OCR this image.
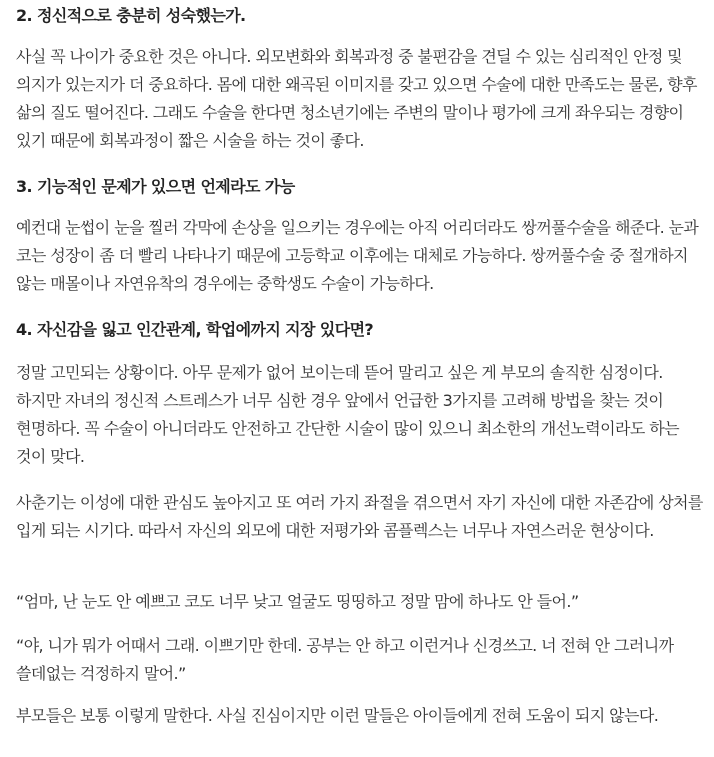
2. 정신적으로 충분히 성숙했는가.

사실 꼭 나이가 중요한 것은 아니다. 외모변화와 회복과정 중 불편감을 견딜 수 있는 심리적인 안정 및 의지가 있는지가 더 중요하다. 몸에 대한 왜곡된 이미지를 갖고 있으면 수술에 대한 만족도는 물론, 향후 삶의 질도 떨어진다. 그래도 수술을 한다면 청소년기에는 주변의 말이나 평가에 크게 좌우되는 경향이 있기 때문에 회복과정이 짧은 시술을 하는 것이 좋다.

3. 기능적인 문제가 있으면 언제라도 가능

예컨대 눈썹이 눈을 찔러 각막에 손상을 일으키는 경우에는 아직 어리더라도 쌍꺼풀수술을 해준다. 눈과 코는 성장이 좀 더 빨리 나타나기 때문에 고등학교 이후에는 대체로 가능하다. 쌍꺼풀수술 중 절개하지 않는 매몰이나 자연유착의 경우에는 중학생도 수술이 가능하다.

4. 자신감을 잃고 인간관계, 학업에까지 지장 있다면?

정말 고민되는 상황이다. 아무 문제가 없어 보이는데 뜯어 말리고 싶은 게 부모의 솔직한 심정이다. 하지만 자녀의 정신적 스트레스가 너무 심한 경우 앞에서 언급한 3가지를 고려해 방법을 찾는 것이 현명하다. 꼭 수술이 아니더라도 안전하고 간단한 시술이 많이 있으니 최소한의 개선노력이라도 하는 것이 맞다.

사춘기는 이성에 대한 관심도 높아지고 또 여러 가지 좌절을 겪으면서 자기 자신에 대한 자존감에 상처를 입게 되는 시기다. 따라서 자신의 외모에 대한 저평가와 콤플렉스는 너무나 자연스러운 현상이다.

“엄마, 난 눈도 안 예쁘고 코도 너무 낮고 얼굴도 띵띵하고 정말 맘에 하나도 안 들어.”

“야, 니가 뭐가 어때서 그래. 이쁘기만 한데. 공부는 안 하고 이런거나 신경쓰고. 너 전혀 안 그러니까 쓸데없는 걱정하지 말어.”

부모들은 보통 이렇게 말한다. 사실 진심이지만 이런 말들은 아이들에게 전혀 도움이 되지 않는다.
